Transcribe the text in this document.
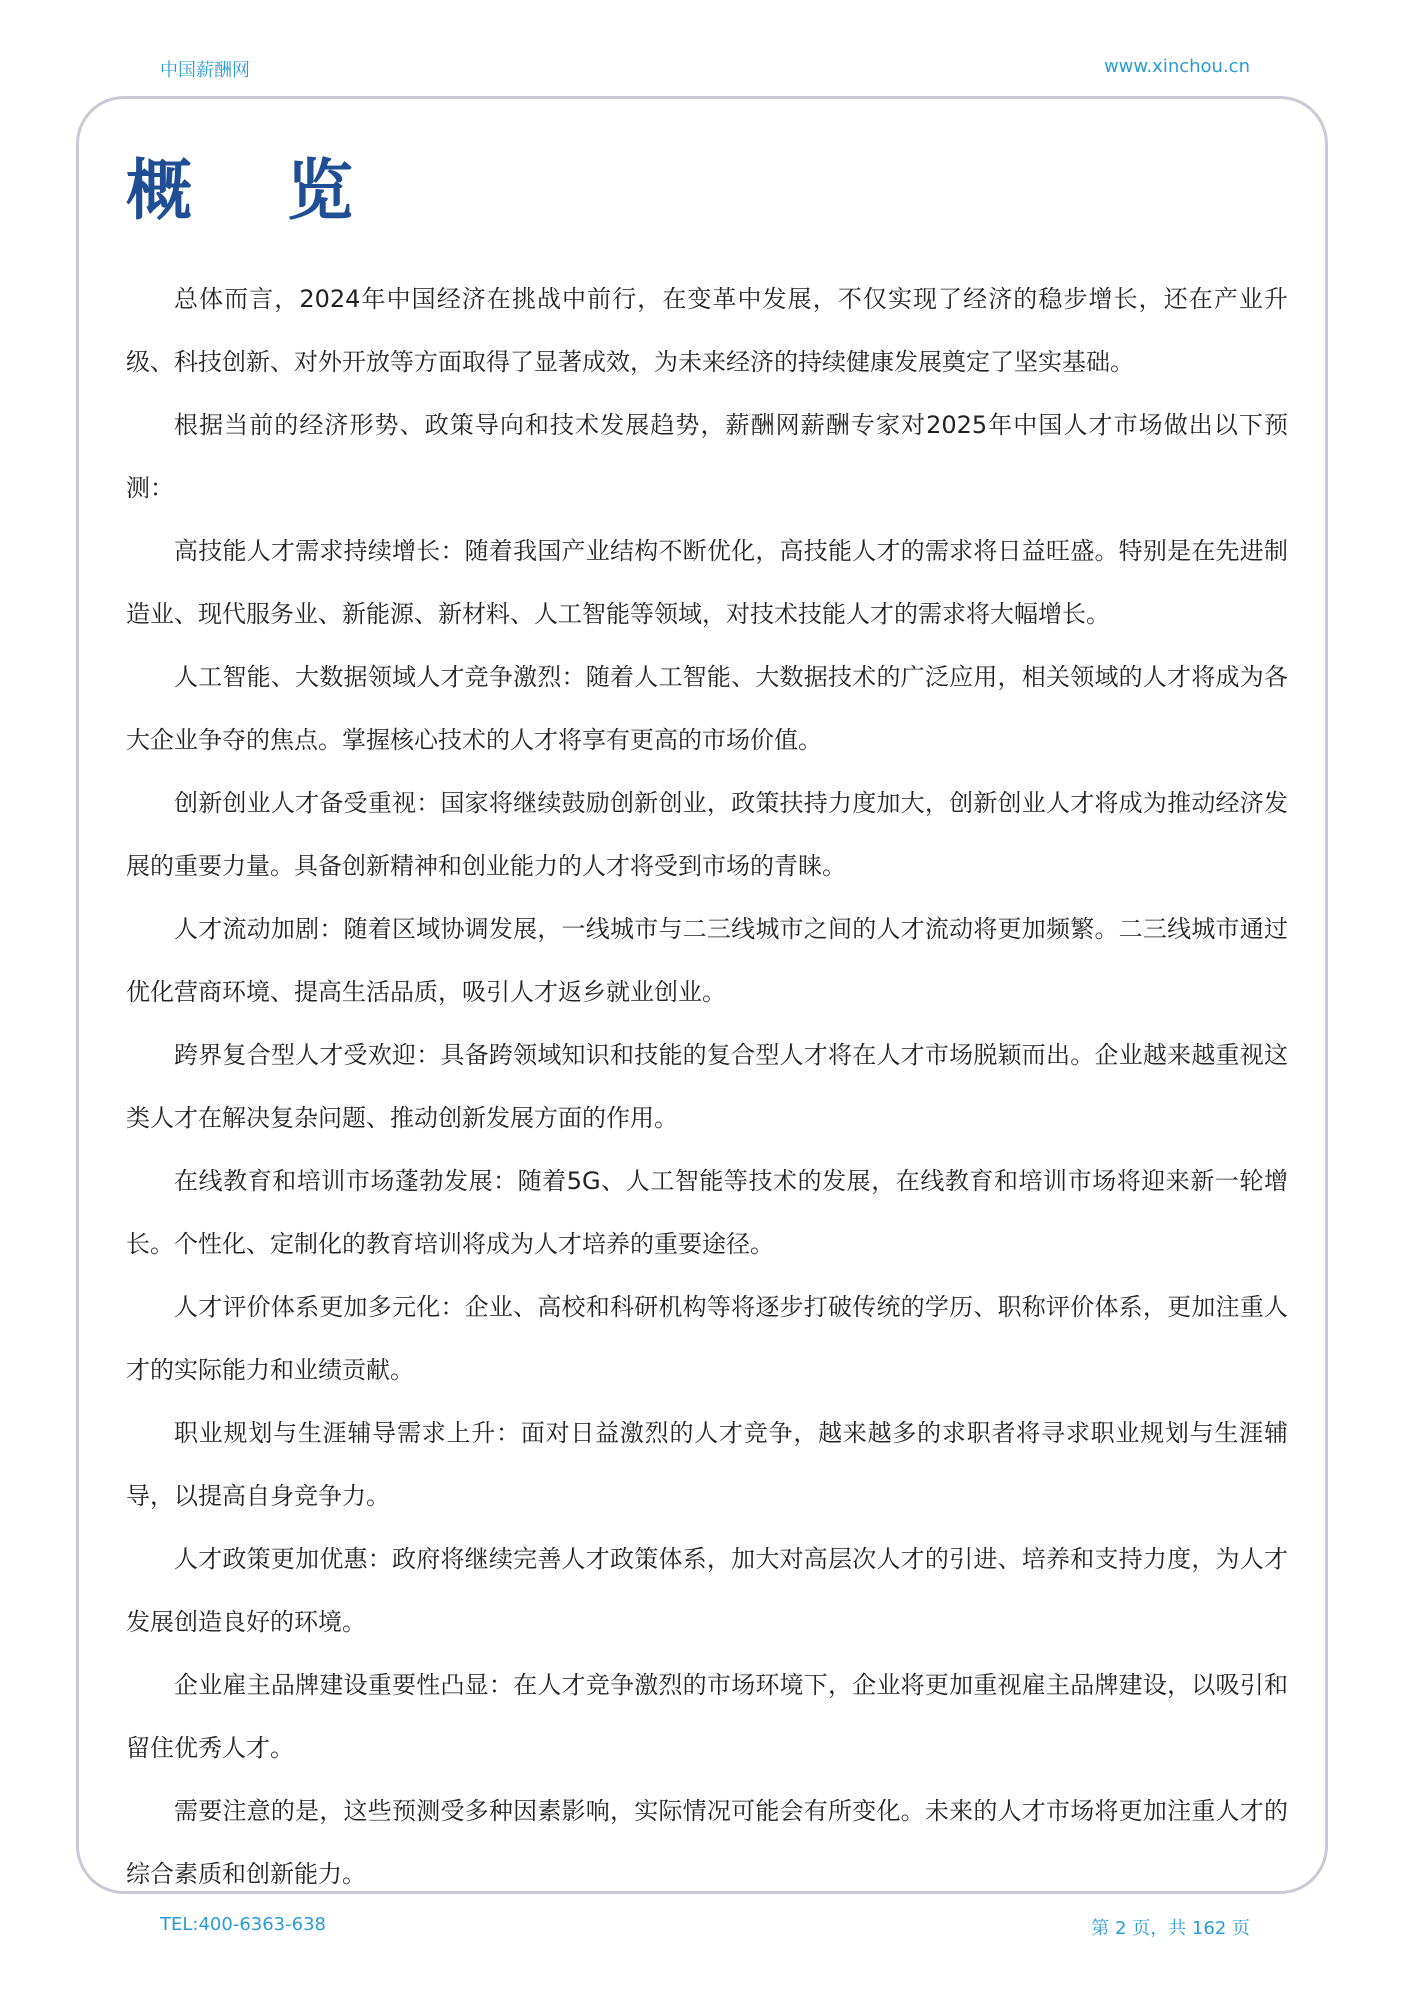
中国薪酬网	www.xinchou.cn
概 览

总体而言，2024年中国经济在挑战中前行，在变革中发展，不仅实现了经济的稳步增长，还在产业升级、科技创新、对外开放等方面取得了显著成效，为未来经济的持续健康发展奠定了坚实基础。

根据当前的经济形势、政策导向和技术发展趋势，薪酬网薪酬专家对2025年中国人才市场做出以下预测：

高技能人才需求持续增长：随着我国产业结构不断优化，高技能人才的需求将日益旺盛。特别是在先进制造业、现代服务业、新能源、新材料、人工智能等领域，对技术技能人才的需求将大幅增长。

人工智能、大数据领域人才竞争激烈：随着人工智能、大数据技术的广泛应用，相关领域的人才将成为各大企业争夺的焦点。掌握核心技术的人才将享有更高的市场价值。

创新创业人才备受重视：国家将继续鼓励创新创业，政策扶持力度加大，创新创业人才将成为推动经济发展的重要力量。具备创新精神和创业能力的人才将受到市场的青睐。

人才流动加剧：随着区域协调发展，一线城市与二三线城市之间的人才流动将更加频繁。二三线城市通过优化营商环境、提高生活品质，吸引人才返乡就业创业。

跨界复合型人才受欢迎：具备跨领域知识和技能的复合型人才将在人才市场脱颖而出。企业越来越重视这类人才在解决复杂问题、推动创新发展方面的作用。

在线教育和培训市场蓬勃发展：随着5G、人工智能等技术的发展，在线教育和培训市场将迎来新一轮增长。个性化、定制化的教育培训将成为人才培养的重要途径。

人才评价体系更加多元化：企业、高校和科研机构等将逐步打破传统的学历、职称评价体系，更加注重人才的实际能力和业绩贡献。

职业规划与生涯辅导需求上升：面对日益激烈的人才竞争，越来越多的求职者将寻求职业规划与生涯辅导，以提高自身竞争力。

人才政策更加优惠：政府将继续完善人才政策体系，加大对高层次人才的引进、培养和支持力度，为人才发展创造良好的环境。

企业雇主品牌建设重要性凸显：在人才竞争激烈的市场环境下，企业将更加重视雇主品牌建设，以吸引和留住优秀人才。

需要注意的是，这些预测受多种因素影响，实际情况可能会有所变化。未来的人才市场将更加注重人才的综合素质和创新能力。

TEL:400-6363-638	第 2 页，共 162 页
